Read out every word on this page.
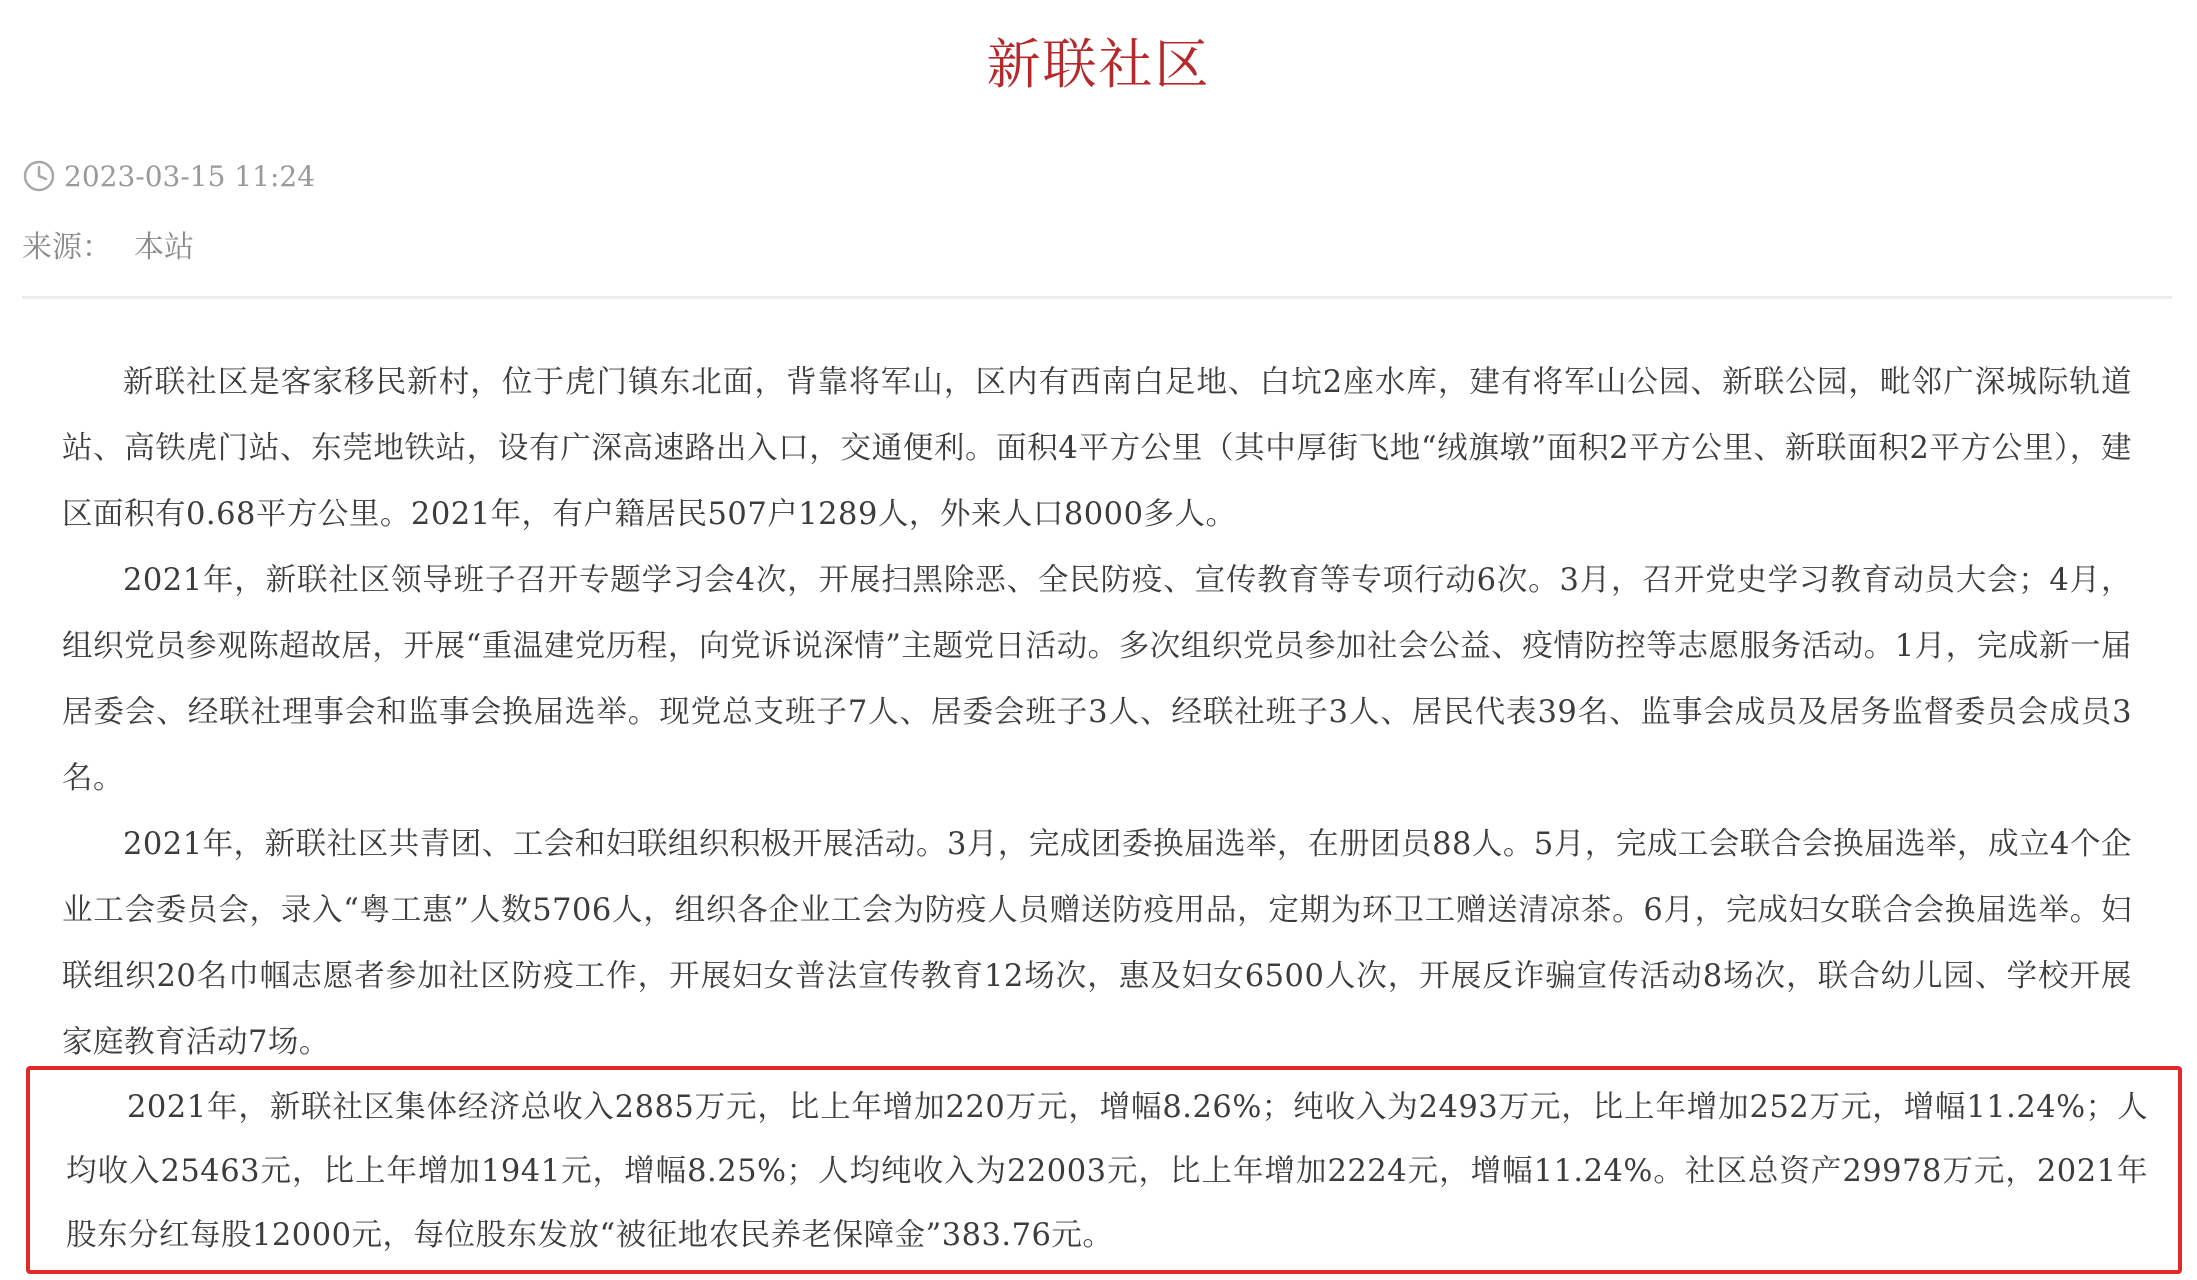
新联社区
2023-03-15 11:24
来源： 本站

新联社区是客家移民新村，位于虎门镇东北面，背靠将军山，区内有西南白足地、白坑2座水库，建有将军山公园、新联公园，毗邻广深城际轨道站、高铁虎门站、东莞地铁站，设有广深高速路出入口，交通便利。面积4平方公里（其中厚街飞地“绒旗墩”面积2平方公里、新联面积2平方公里），建区面积有0.68平方公里。2021年，有户籍居民507户1289人，外来人口8000多人。

2021年，新联社区领导班子召开专题学习会4次，开展扫黑除恶、全民防疫、宣传教育等专项行动6次。3月，召开党史学习教育动员大会；4月，组织党员参观陈超故居，开展“重温建党历程，向党诉说深情”主题党日活动。多次组织党员参加社会公益、疫情防控等志愿服务活动。1月，完成新一届居委会、经联社理事会和监事会换届选举。现党总支班子7人、居委会班子3人、经联社班子3人、居民代表39名、监事会成员及居务监督委员会成员3名。

2021年，新联社区共青团、工会和妇联组织积极开展活动。3月，完成团委换届选举，在册团员88人。5月，完成工会联合会换届选举，成立4个企业工会委员会，录入“粤工惠”人数5706人，组织各企业工会为防疫人员赠送防疫用品，定期为环卫工赠送清凉茶。6月，完成妇女联合会换届选举。妇联组织20名巾帼志愿者参加社区防疫工作，开展妇女普法宣传教育12场次，惠及妇女6500人次，开展反诈骗宣传活动8场次，联合幼儿园、学校开展家庭教育活动7场。

2021年，新联社区集体经济总收入2885万元，比上年增加220万元，增幅8.26%；纯收入为2493万元，比上年增加252万元，增幅11.24%；人均收入25463元，比上年增加1941元，增幅8.25%；人均纯收入为22003元，比上年增加2224元，增幅11.24%。社区总资产29978万元，2021年股东分红每股12000元，每位股东发放“被征地农民养老保障金”383.76元。
